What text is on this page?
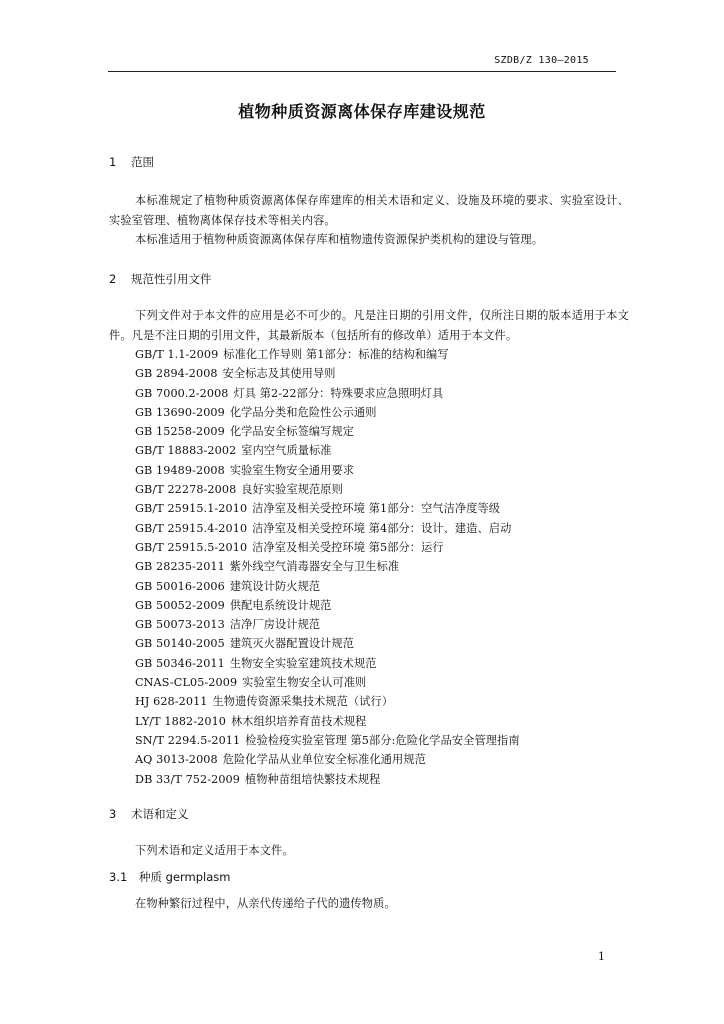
SZDB/Z 130—2015
植物种质资源离体保存库建设规范
1 范围
本标准规定了植物种质资源离体保存库建库的相关术语和定义、设施及环境的要求、实验室设计、实验室管理、植物离体保存技术等相关内容。
本标准适用于植物种质资源离体保存库和植物遗传资源保护类机构的建设与管理。
2 规范性引用文件
下列文件对于本文件的应用是必不可少的。凡是注日期的引用文件，仅所注日期的版本适用于本文件。凡是不注日期的引用文件，其最新版本（包括所有的修改单）适用于本文件。
GB/T 1.1-2009 标准化工作导则 第1部分：标准的结构和编写
GB 2894-2008 安全标志及其使用导则
GB 7000.2-2008 灯具 第2-22部分：特殊要求应急照明灯具
GB 13690-2009 化学品分类和危险性公示通则
GB 15258-2009 化学品安全标签编写规定
GB/T 18883-2002 室内空气质量标准
GB 19489-2008 实验室生物安全通用要求
GB/T 22278-2008 良好实验室规范原则
GB/T 25915.1-2010 洁净室及相关受控环境 第1部分：空气洁净度等级
GB/T 25915.4-2010 洁净室及相关受控环境 第4部分：设计、建造、启动
GB/T 25915.5-2010 洁净室及相关受控环境 第5部分：运行
GB 28235-2011 紫外线空气消毒器安全与卫生标准
GB 50016-2006 建筑设计防火规范
GB 50052-2009 供配电系统设计规范
GB 50073-2013 洁净厂房设计规范
GB 50140-2005 建筑灭火器配置设计规范
GB 50346-2011 生物安全实验室建筑技术规范
CNAS-CL05-2009 实验室生物安全认可准则
HJ 628-2011 生物遗传资源采集技术规范（试行）
LY/T 1882-2010 林木组织培养育苗技术规程
SN/T 2294.5-2011 检验检疫实验室管理 第5部分:危险化学品安全管理指南
AQ 3013-2008 危险化学品从业单位安全标准化通用规范
DB 33/T 752-2009 植物种苗组培快繁技术规程
3 术语和定义
下列术语和定义适用于本文件。
3.1 种质 germplasm
在物种繁衍过程中，从亲代传递给子代的遗传物质。
1
